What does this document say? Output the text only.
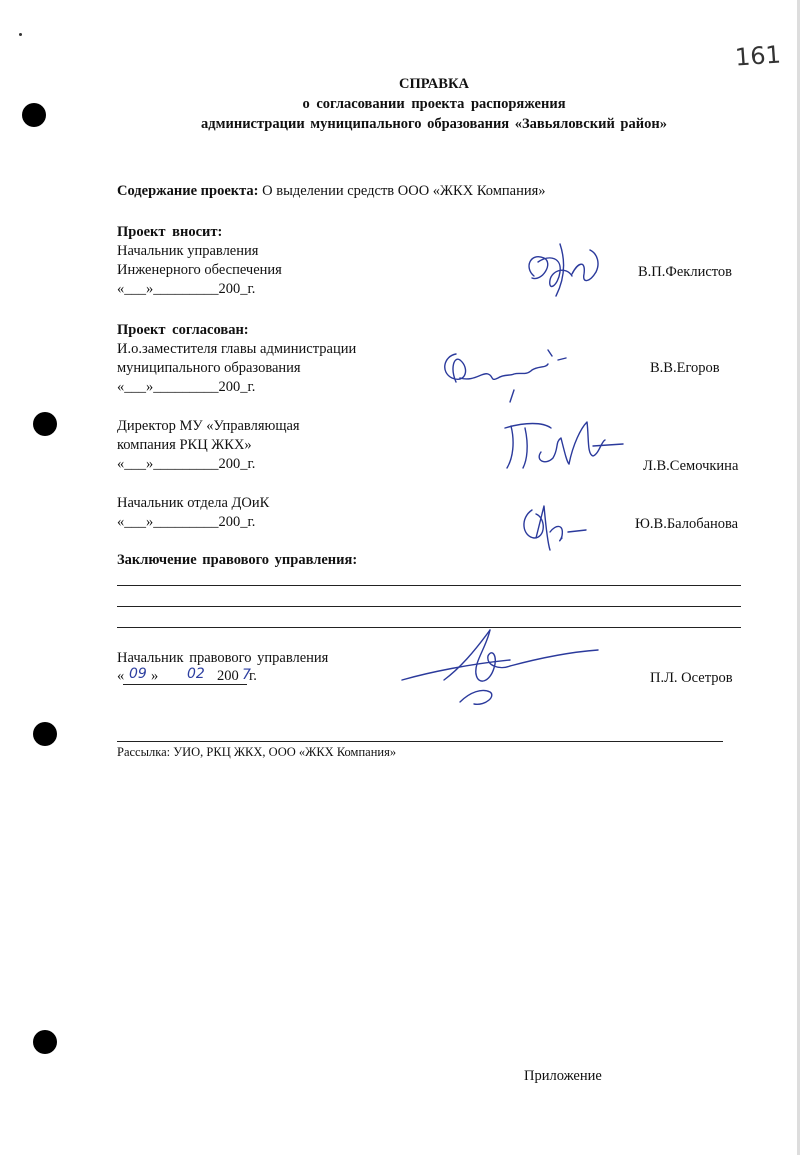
161
СПРАВКА
о согласовании проекта распоряжения
администрации муниципального образования «Завьяловский район»
Содержание проекта: О выделении средств ООО «ЖКХ Компания»
Проект вносит:
Начальник управления
Инженерного обеспечения
«___»_________200_г.
В.П.Феклистов
Проект согласован:
И.о.заместителя главы администрации
муниципального образования
«___»_________200_г.
В.В.Егоров
Директор МУ «Управляющая
компания РКЦ ЖКХ»
«___»_________200_г.	Л.В.Семочкина
Начальник отдела ДОиК
«___»_________200_г.	Ю.В.Балобанова
Заключение правового управления:
Начальник правового управления
« 09 » 02 200 7
г.	П.Л. Осетров
Рассылка: УИО, РКЦ ЖКХ, ООО «ЖКХ Компания»
Приложение
